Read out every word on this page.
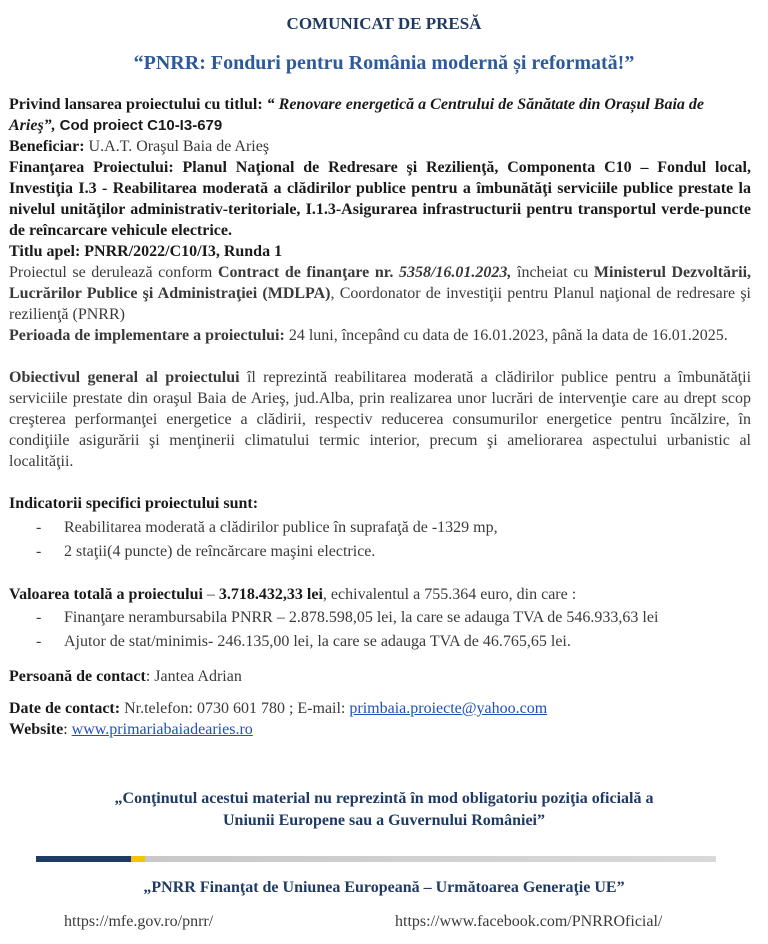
COMUNICAT DE PRESĂ
“PNRR: Fonduri pentru România modernă și reformată!”
Privind lansarea proiectului cu titlul: “ Renovare energetică a Centrului de Sănătate din Orașul Baia de Arieş”, Cod proiect C10-I3-679
Beneficiar: U.A.T. Oraşul Baia de Arieş
Finanţarea Proiectului: Planul Naţional de Redresare şi Rezilienţă, Componenta C10 – Fondul local, Investiţia I.3 - Reabilitarea moderată a clădirilor publice pentru a îmbunătăţi serviciile publice prestate la nivelul unităţilor administrativ-teritoriale, I.1.3-Asigurarea infrastructurii pentru transportul verde-puncte de reîncarcare vehicule electrice.
Titlu apel: PNRR/2022/C10/I3, Runda 1
Proiectul se derulează conform Contract de finanţare nr. 5358/16.01.2023, încheiat cu Ministerul Dezvoltării, Lucrărilor Publice şi Administraţiei (MDLPA), Coordonator de investiţii pentru Planul naţional de redresare şi rezilienţă (PNRR)
Perioada de implementare a proiectului: 24 luni, începând cu data de 16.01.2023, până la data de 16.01.2025.
Obiectivul general al proiectului îl reprezintă reabilitarea moderată a clădirilor publice pentru a îmbunătăţii serviciile prestate din oraşul Baia de Arieş, jud.Alba, prin realizarea unor lucrări de intervenţie care au drept scop creşterea performanţei energetice a clădirii, respectiv reducerea consumurilor energetice pentru încălzire, în condiţiile asigurării şi menţinerii climatului termic interior, precum şi ameliorarea aspectului urbanistic al localităţii.
Indicatorii specifici proiectului sunt:
- Reabilitarea moderată a clădirilor publice în suprafaţă de -1329 mp,
- 2 staţii(4 puncte) de reîncărcare maşini electrice.
Valoarea totală a proiectului – 3.718.432,33 lei, echivalentul a 755.364 euro, din care :
- Finanţare nerambursabila PNRR – 2.878.598,05 lei, la care se adauga TVA de 546.933,63 lei
- Ajutor de stat/minimis- 246.135,00 lei, la care se adauga TVA de 46.765,65 lei.
Persoană de contact: Jantea Adrian
Date de contact: Nr.telefon: 0730 601 780 ; E-mail: primbaia.proiecte@yahoo.com
Website: www.primariabaiadearies.ro
„Conţinutul acestui material nu reprezintă în mod obligatoriu poziţia oficială a Uniunii Europene sau a Guvernului României”
„PNRR Finanţat de Uniunea Europeană – Următoarea Generaţie UE”
https://mfe.gov.ro/pnrr/	https://www.facebook.com/PNRROficial/
